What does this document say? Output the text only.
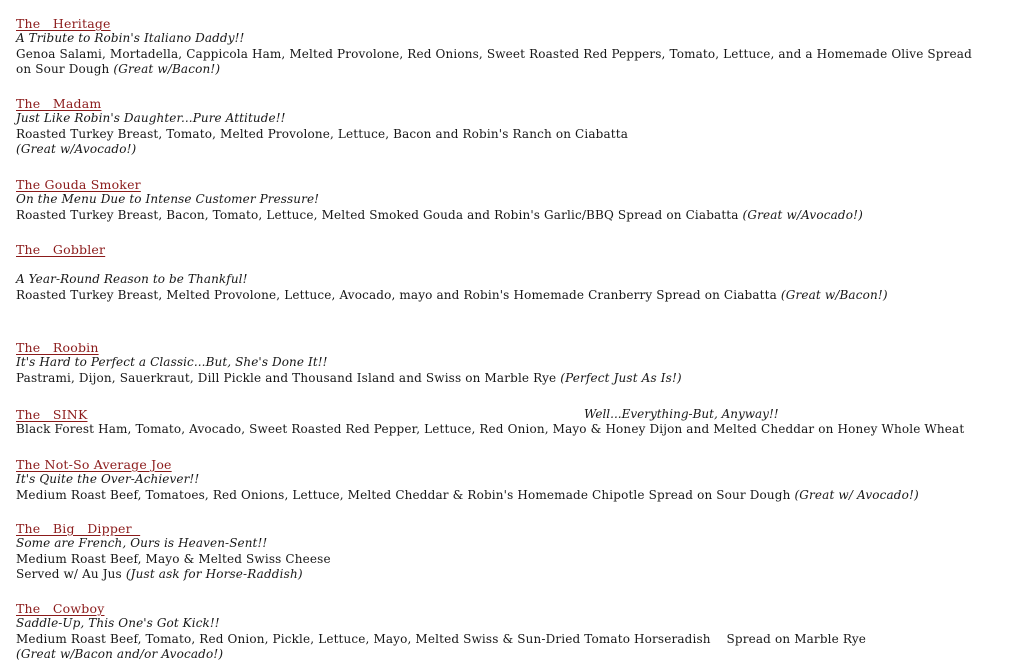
The   Heritage
A Tribute to Robin's Italiano Daddy!!
Genoa Salami, Mortadella, Cappicola Ham, Melted Provolone, Red Onions, Sweet Roasted Red Peppers, Tomato, Lettuce, and a Homemade Olive Spread
on Sour Dough (Great w/Bacon!)
The   Madam
Just Like Robin's Daughter...Pure Attitude!!
Roasted Turkey Breast, Tomato, Melted Provolone, Lettuce, Bacon and Robin's Ranch on Ciabatta
(Great w/Avocado!)
The Gouda Smoker
On the Menu Due to Intense Customer Pressure!
Roasted Turkey Breast, Bacon, Tomato, Lettuce, Melted Smoked Gouda and Robin's Garlic/BBQ Spread on Ciabatta (Great w/Avocado!)
The   Gobbler
A Year-Round Reason to be Thankful!
Roasted Turkey Breast, Melted Provolone, Lettuce, Avocado, mayo and Robin's Homemade Cranberry Spread on Ciabatta (Great w/Bacon!)
The   Roobin
It's Hard to Perfect a Classic...But, She's Done It!!
Pastrami, Dijon, Sauerkraut, Dill Pickle and Thousand Island and Swiss on Marble Rye (Perfect Just As Is!)
The   SINK	Well...Everything-But, Anyway!!
Black Forest Ham, Tomato, Avocado, Sweet Roasted Red Pepper, Lettuce, Red Onion, Mayo & Honey Dijon and Melted Cheddar on Honey Whole Wheat
The Not-So Average Joe
It's Quite the Over-Achiever!!
Medium Roast Beef, Tomatoes, Red Onions, Lettuce, Melted Cheddar & Robin's Homemade Chipotle Spread on Sour Dough (Great w/ Avocado!)
The   Big   Dipper
Some are French, Ours is Heaven-Sent!!
Medium Roast Beef, Mayo & Melted Swiss Cheese
Served w/ Au Jus (Just ask for Horse-Raddish)
The   Cowboy
Saddle-Up, This One's Got Kick!!
Medium Roast Beef, Tomato, Red Onion, Pickle, Lettuce, Mayo, Melted Swiss & Sun-Dried Tomato Horseradish    Spread on Marble Rye
(Great w/Bacon and/or Avocado!)
